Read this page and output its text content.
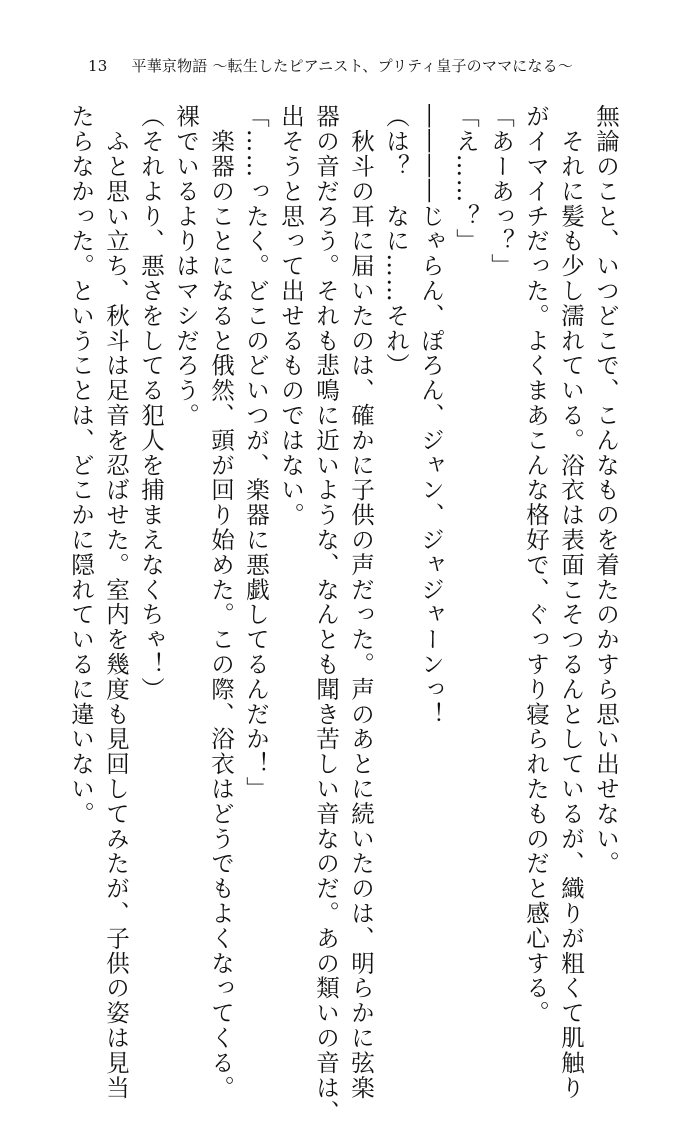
13 平華京物語 〜転生したピアニスト、プリティ皇子のママになる〜
無論のこと、いつどこで、こんなものを着たのかすら思い出せない。
　それに髪も少し濡れている。浴衣は表面こそつるんとしているが、織りが粗くて肌触り
がイマイチだった。よくまあこんな格好で、ぐっすり寝られたものだと感心する。
「あーあっ？」
「え……？」
――――じゃらん、ぽろん、ジャン、ジャジャーンっ！
（は？　なに……それ）
　秋斗の耳に届いたのは、確かに子供の声だった。声のあとに続いたのは、明らかに弦楽
器の音だろう。それも悲鳴に近いような、なんとも聞き苦しい音なのだ。あの類いの音は、
出そうと思って出せるものではない。
「……ったく。どこのどいつが、楽器に悪戯してるんだか！」
　楽器のことになると俄然、頭が回り始めた。この際、浴衣はどうでもよくなってくる。
裸でいるよりはマシだろう。
（それより、悪さをしてる犯人を捕まえなくちゃ！）
　ふと思い立ち、秋斗は足音を忍ばせた。室内を幾度も見回してみたが、子供の姿は見当
たらなかった。ということは、どこかに隠れているに違いない。
